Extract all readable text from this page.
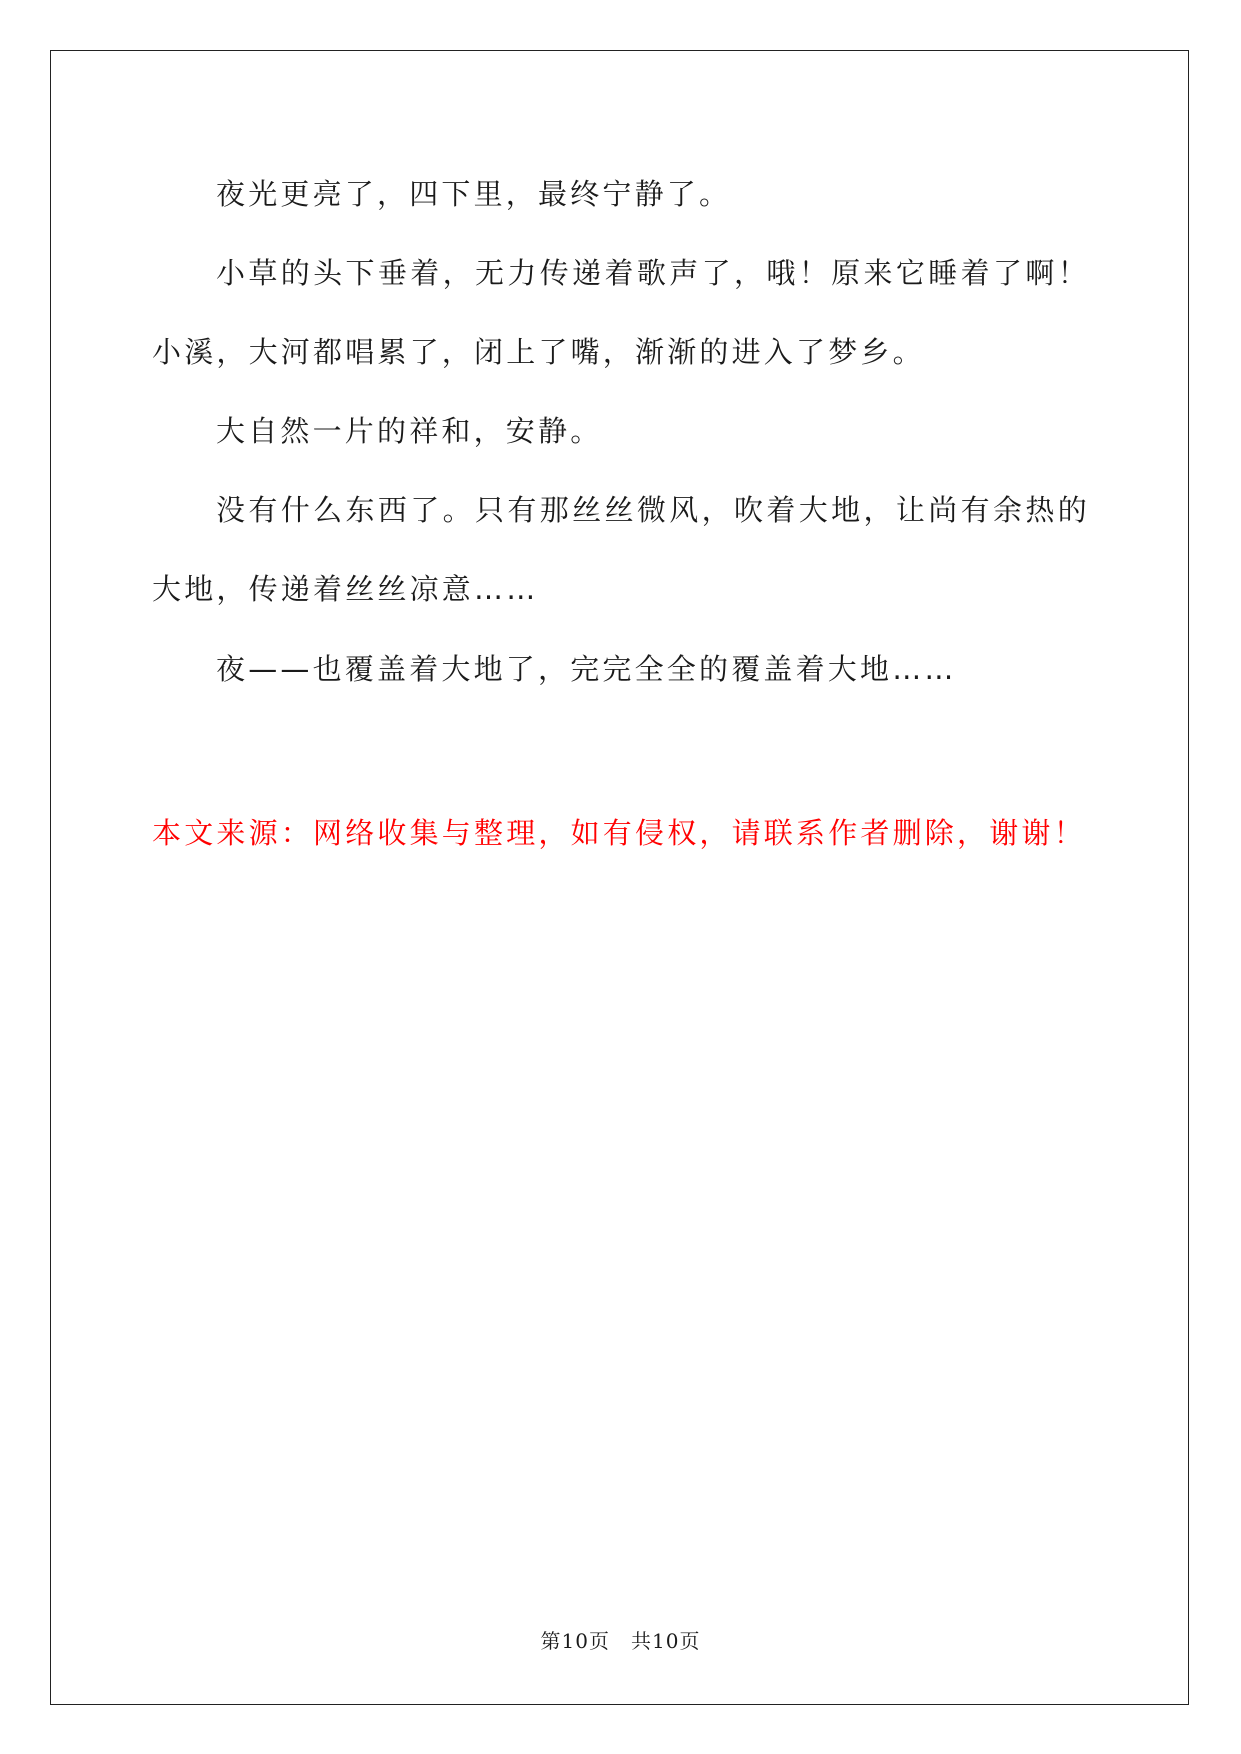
夜光更亮了，四下里，最终宁静了。

小草的头下垂着，无力传递着歌声了，哦！原来它睡着了啊！小溪，大河都唱累了，闭上了嘴，渐渐的进入了梦乡。

大自然一片的祥和，安静。

没有什么东西了。只有那丝丝微风，吹着大地，让尚有余热的大地，传递着丝丝凉意……

夜——也覆盖着大地了，完完全全的覆盖着大地……

本文来源：网络收集与整理，如有侵权，请联系作者删除，谢谢！
第10页　共10页
